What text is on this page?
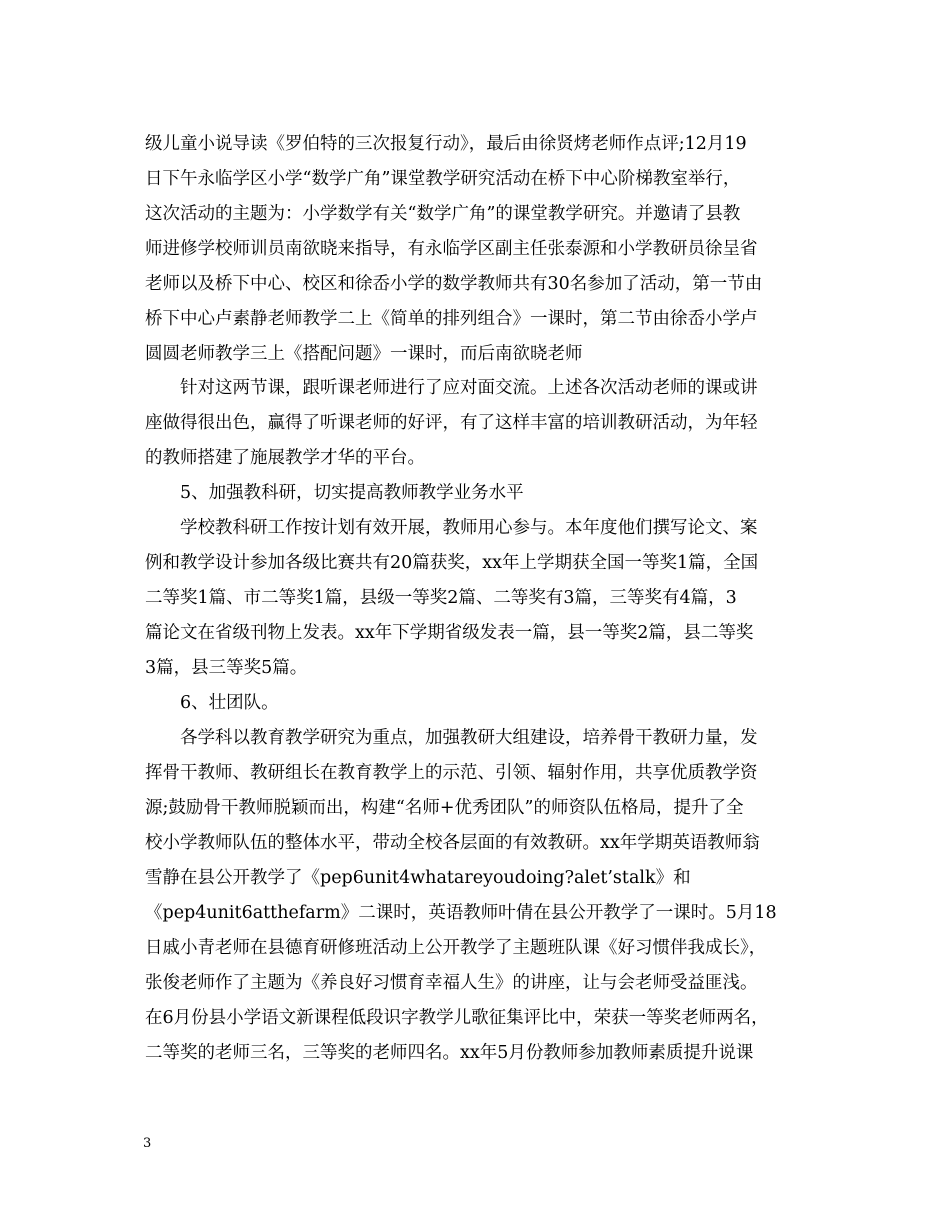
级儿童小说导读《罗伯特的三次报复行动》，最后由徐贤烤老师作点评;12月19
日下午永临学区小学“数学广角”课堂教学研究活动在桥下中心阶梯教室举行，
这次活动的主题为：小学数学有关“数学广角”的课堂教学研究。并邀请了县教
师进修学校师训员南欲晓来指导，有永临学区副主任张泰源和小学教研员徐呈省
老师以及桥下中心、校区和徐岙小学的数学教师共有30名参加了活动，第一节由
桥下中心卢素静老师教学二上《简单的排列组合》一课时，第二节由徐岙小学卢
圆圆老师教学三上《搭配问题》一课时，而后南欲晓老师
针对这两节课，跟听课老师进行了应对面交流。上述各次活动老师的课或讲
座做得很出色，赢得了听课老师的好评，有了这样丰富的培训教研活动，为年轻
的教师搭建了施展教学才华的平台。
5、加强教科研，切实提高教师教学业务水平
学校教科研工作按计划有效开展，教师用心参与。本年度他们撰写论文、案
例和教学设计参加各级比赛共有20篇获奖，xx年上学期获全国一等奖1篇，全国
二等奖1篇、市二等奖1篇，县级一等奖2篇、二等奖有3篇，三等奖有4篇，3
篇论文在省级刊物上发表。xx年下学期省级发表一篇，县一等奖2篇，县二等奖
3篇，县三等奖5篇。
6、壮团队。
各学科以教育教学研究为重点，加强教研大组建设，培养骨干教研力量，发
挥骨干教师、教研组长在教育教学上的示范、引领、辐射作用，共享优质教学资
源;鼓励骨干教师脱颖而出，构建“名师+优秀团队”的师资队伍格局，提升了全
校小学教师队伍的整体水平，带动全校各层面的有效教研。xx年学期英语教师翁
雪静在县公开教学了《pep6unit4whatareyoudoing?alet’stalk》和
《pep4unit6atthefarm》二课时，英语教师叶倩在县公开教学了一课时。5月18
日戚小青老师在县德育研修班活动上公开教学了主题班队课《好习惯伴我成长》，
张俊老师作了主题为《养良好习惯育幸福人生》的讲座，让与会老师受益匪浅。
在6月份县小学语文新课程低段识字教学儿歌征集评比中，荣获一等奖老师两名，
二等奖的老师三名，三等奖的老师四名。xx年5月份教师参加教师素质提升说课
3
